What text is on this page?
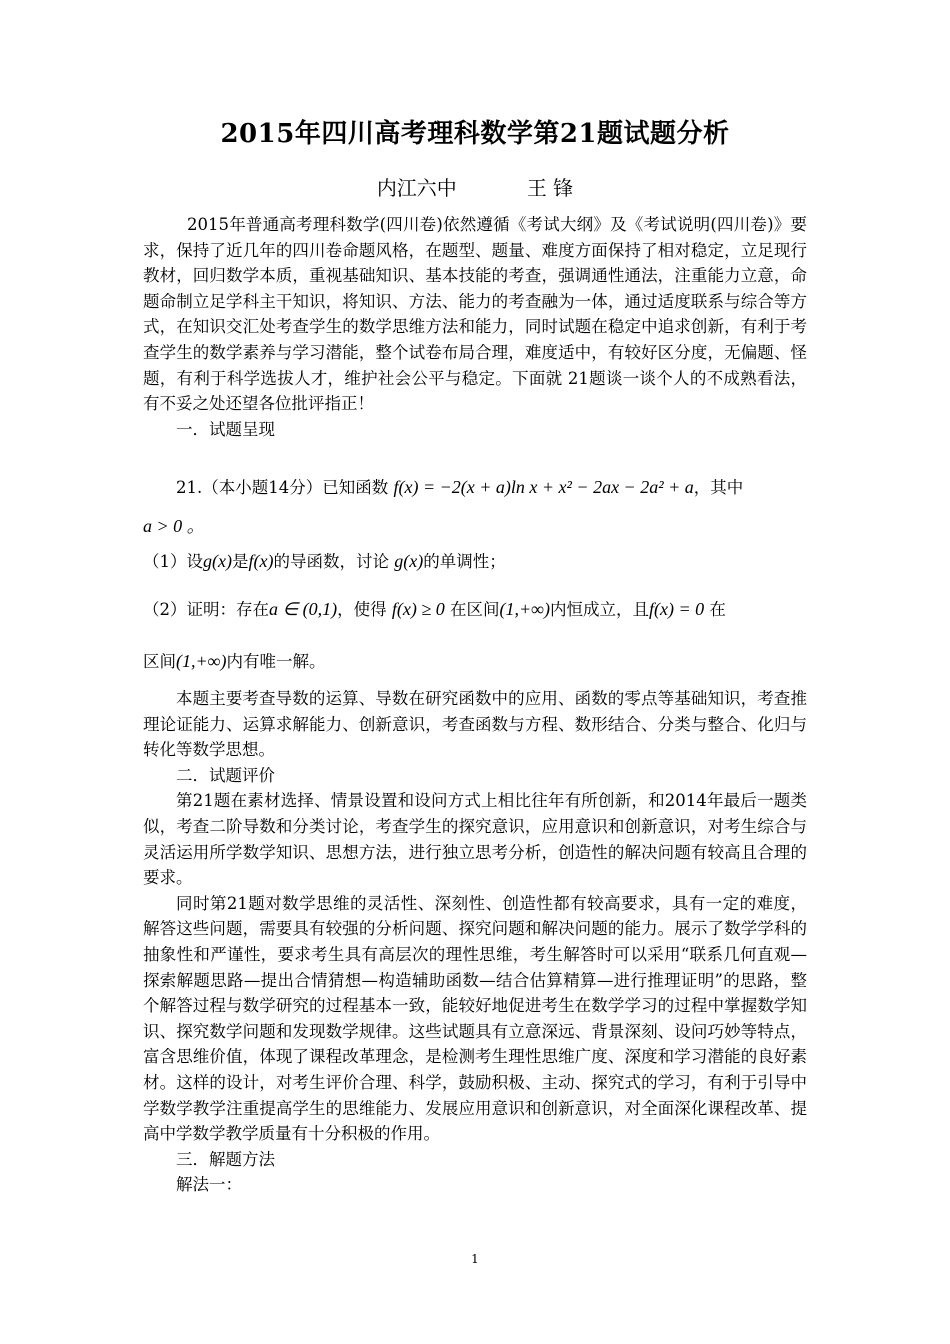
2015年四川高考理科数学第21题试题分析
内江六中	王 锋

2015年普通高考理科数学(四川卷)依然遵循《考试大纲》及《考试说明(四川卷)》要求，保持了近几年的四川卷命题风格，在题型、题量、难度方面保持了相对稳定，立足现行教材，回归数学本质，重视基础知识、基本技能的考查，强调通性通法，注重能力立意，命题命制立足学科主干知识，将知识、方法、能力的考查融为一体，通过适度联系与综合等方式，在知识交汇处考查学生的数学思维方法和能力，同时试题在稳定中追求创新，有利于考查学生的数学素养与学习潜能，整个试卷布局合理，难度适中，有较好区分度，无偏题、怪题，有利于科学选拔人才，维护社会公平与稳定。下面就 21题谈一谈个人的不成熟看法，有不妥之处还望各位批评指正！

一．试题呈现

21.（本小题14分）已知函数 f(x) = −2(x + a)ln x + x² − 2ax − 2a² + a，其中
a > 0 。
（1）设g(x)是f(x)的导函数，讨论 g(x)的单调性；
（2）证明：存在a ∈ (0,1)，使得 f(x) ≥ 0 在区间(1,+∞)内恒成立，且f(x) = 0 在
区间(1,+∞)内有唯一解。

本题主要考查导数的运算、导数在研究函数中的应用、函数的零点等基础知识，考查推理论证能力、运算求解能力、创新意识，考查函数与方程、数形结合、分类与整合、化归与转化等数学思想。

二．试题评价

第21题在素材选择、情景设置和设问方式上相比往年有所创新，和2014年最后一题类似，考查二阶导数和分类讨论，考查学生的探究意识，应用意识和创新意识，对考生综合与灵活运用所学数学知识、思想方法，进行独立思考分析，创造性的解决问题有较高且合理的要求。

同时第21题对数学思维的灵活性、深刻性、创造性都有较高要求，具有一定的难度，解答这些问题，需要具有较强的分析问题、探究问题和解决问题的能力。展示了数学学科的抽象性和严谨性，要求考生具有高层次的理性思维，考生解答时可以采用“联系几何直观—探索解题思路—提出合情猜想—构造辅助函数—结合估算精算—进行推理证明”的思路，整个解答过程与数学研究的过程基本一致，能较好地促进考生在数学学习的过程中掌握数学知识、探究数学问题和发现数学规律。这些试题具有立意深远、背景深刻、设问巧妙等特点，富含思维价值，体现了课程改革理念，是检测考生理性思维广度、深度和学习潜能的良好素材。这样的设计，对考生评价合理、科学，鼓励积极、主动、探究式的学习，有利于引导中学数学教学注重提高学生的思维能力、发展应用意识和创新意识，对全面深化课程改革、提高中学数学教学质量有十分积极的作用。

三．解题方法

解法一：

1
